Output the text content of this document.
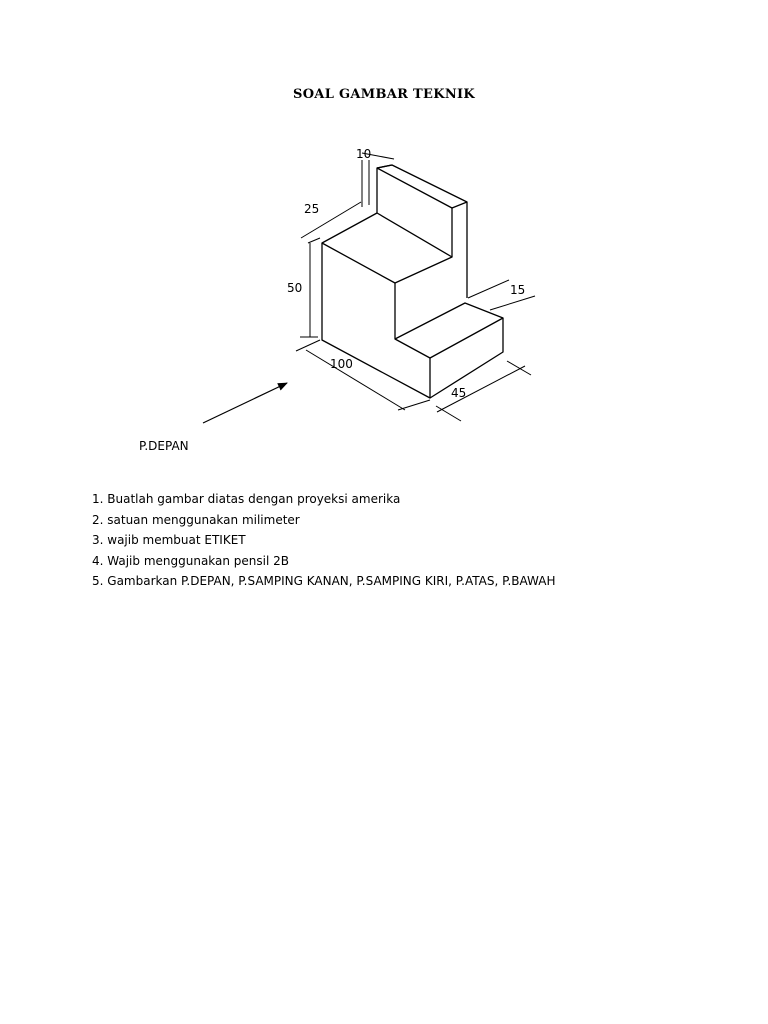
SOAL GAMBAR TEKNIK
10
25
50
100
15
45
P.DEPAN
1. Buatlah gambar diatas dengan proyeksi amerika
2. satuan menggunakan milimeter
3. wajib membuat ETIKET
4. Wajib menggunakan pensil 2B
5. Gambarkan P.DEPAN, P.SAMPING KANAN, P.SAMPING KIRI, P.ATAS, P.BAWAH
